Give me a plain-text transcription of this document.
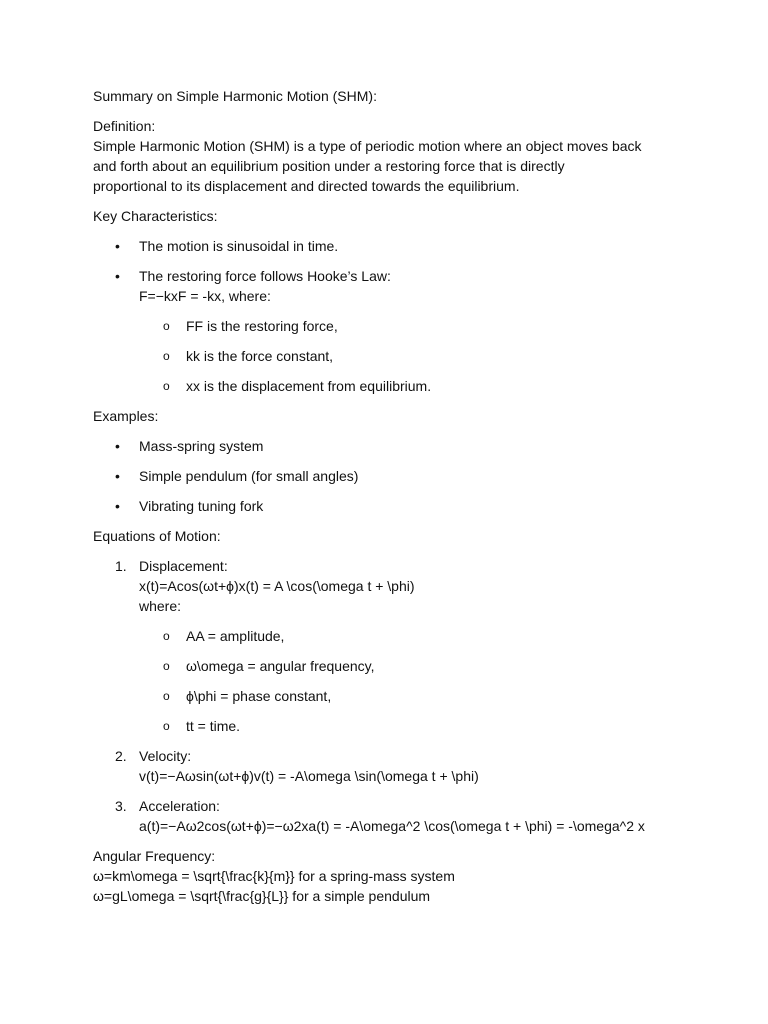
Summary on Simple Harmonic Motion (SHM):

Definition:
Simple Harmonic Motion (SHM) is a type of periodic motion where an object moves back
and forth about an equilibrium position under a restoring force that is directly
proportional to its displacement and directed towards the equilibrium.

Key Characteristics:

• The motion is sinusoidal in time.
• The restoring force follows Hooke’s Law:
F=−kxF = -kx, where:
o FF is the restoring force,
o kk is the force constant,
o xx is the displacement from equilibrium.

Examples:

• Mass-spring system
• Simple pendulum (for small angles)
• Vibrating tuning fork

Equations of Motion:

1. Displacement:
x(t)=Acos(ωt+ϕ)x(t) = A \cos(\omega t + \phi)
where:
o AA = amplitude,
o ω\omega = angular frequency,
o ϕ\phi = phase constant,
o tt = time.
2. Velocity:
v(t)=−Aωsin(ωt+ϕ)v(t) = -A\omega \sin(\omega t + \phi)
3. Acceleration:
a(t)=−Aω2cos(ωt+ϕ)=−ω2xa(t) = -A\omega^2 \cos(\omega t + \phi) = -\omega^2 x

Angular Frequency:
ω=km\omega = \sqrt{\frac{k}{m}} for a spring-mass system
ω=gL\omega = \sqrt{\frac{g}{L}} for a simple pendulum
